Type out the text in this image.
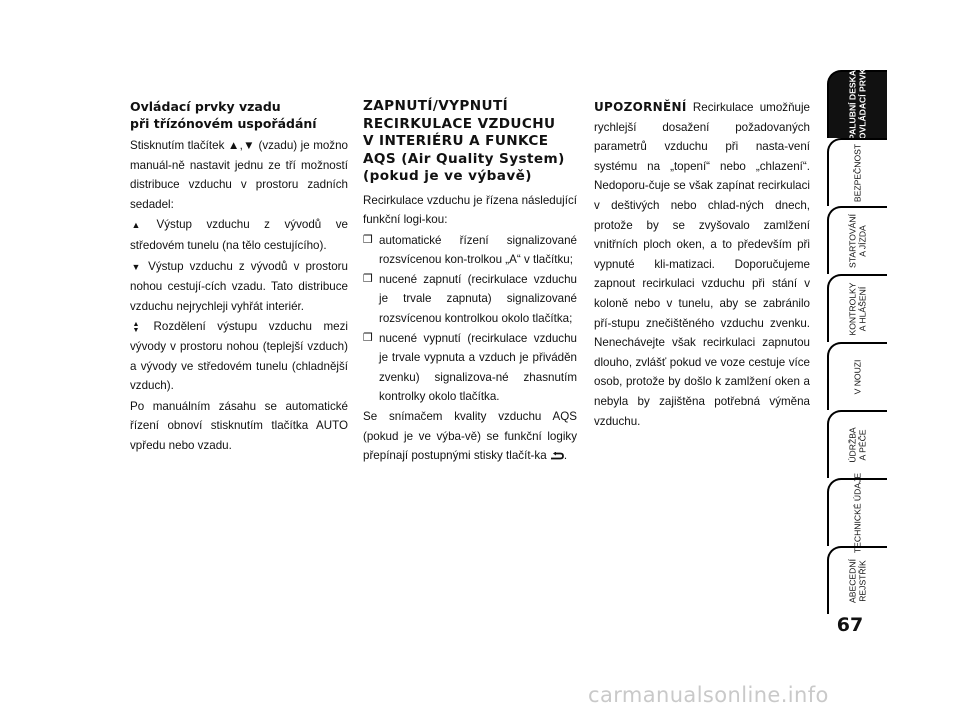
Ovládací prvky vzadu
při třízónovém uspořádání

Stisknutím tlačítek ▲,▼ (vzadu) je možno manuál-ně nastavit jednu ze tří možností distribuce vzduchu v prostoru zadních sedadel:

▲ Výstup vzduchu z vývodů ve středovém tunelu (na tělo cestujícího).

▼ Výstup vzduchu z vývodů v prostoru nohou cestují-cích vzadu. Tato distribuce vzduchu nejrychleji vyhřát interiér.

▲
▼ Rozdělení výstupu vzduchu mezi vývody v prostoru nohou (teplejší vzduch) a vývody ve středovém tunelu (chladnější vzduch).

Po manuálním zásahu se automatické řízení obnoví stisknutím tlačítka AUTO vpředu nebo vzadu.

ZAPNUTÍ/VYPNUTÍ
RECIRKULACE VZDUCHU
V INTERIÉRU A FUNKCE
AQS (Air Quality System)
(pokud je ve výbavě)

Recirkulace vzduchu je řízena následující funkční logi-kou:

❒ automatické řízení signalizované rozsvícenou kon-trolkou „A“ v tlačítku;
❒ nucené zapnutí (recirkulace vzduchu je trvale zapnuta) signalizované rozsvícenou kontrolkou okolo tlačítka;
❒ nucené vypnutí (recirkulace vzduchu je trvale vypnuta a vzduch je přiváděn zvenku) signalizova-né zhasnutím kontrolky okolo tlačítka.

Se snímačem kvality vzduchu AQS (pokud je ve výba-vě) se funkční logiky přepínají postupnými stisky tlačít-ka .

UPOZORNĚNÍ Recirkulace umožňuje rychlejší dosažení požadovaných parametrů vzduchu při nasta-vení systému na „topení“ nebo „chlazení“. Nedoporu-čuje se však zapínat recirkulaci v deštivých nebo chlad-ných dnech, protože by se zvyšovalo zamlžení vnitřních ploch oken, a to především při vypnuté kli-matizaci. Doporučujeme zapnout recirkulaci vzduchu při stání v koloně nebo v tunelu, aby se zabránilo pří-stupu znečištěného vzduchu zvenku. Nenechávejte však recirkulaci zapnutou dlouho, zvlášť pokud ve voze cestuje více osob, protože by došlo k zamlžení oken a nebyla by zajištěna potřebná výměna vzduchu.

PALUBNÍ DESKA A OVLÁDACÍ PRVKY
BEZPEČNOST
STARTOVÁNÍ A JÍZDA
KONTROLKY A HLÁŠENÍ
V NOUZI
ÚDRŽBA A PÉČE
TECHNICKÉ ÚDAJE
ABECEDNÍ REJSTŘÍK
67
carmanualsonline.info
